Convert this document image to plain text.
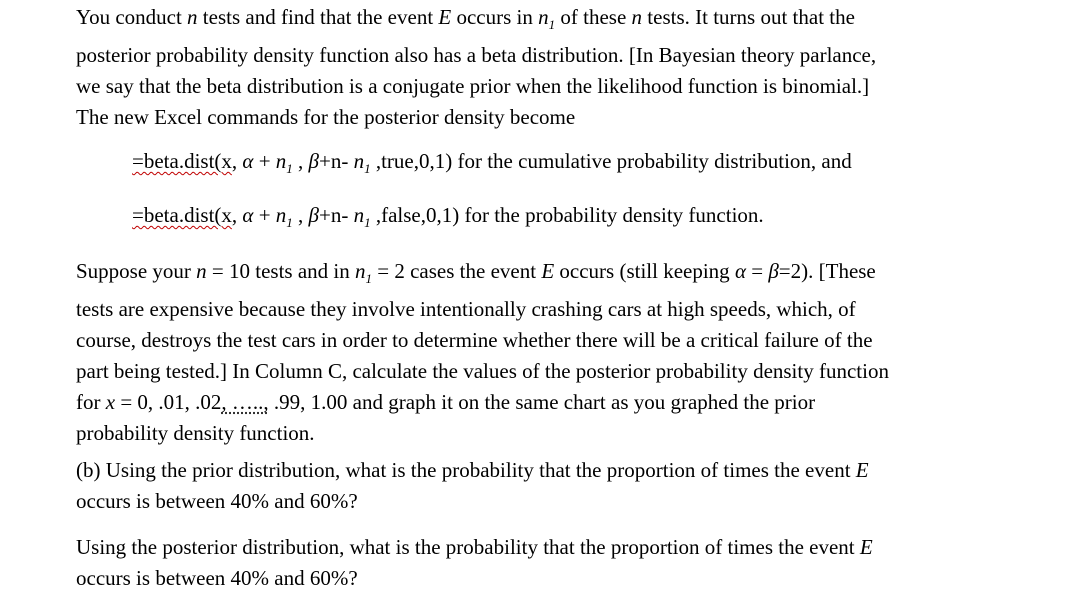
You conduct n tests and find that the event E occurs in $n_1$ of these n tests. It turns out that the
posterior probability density function also has a beta distribution. [In Bayesian theory parlance,
we say that the beta distribution is a conjugate prior when the likelihood function is binomial.]
The new Excel commands for the posterior density become

=beta.dist(x, $\alpha + n_1$ , β+n- $n_1$ ,true,0,1) for the cumulative probability distribution, and
=beta.dist(x, $\alpha + n_1$ , β+n- $n_1$ ,false,0,1) for the probability density function.

Suppose your n = 10 tests and in $n_1 = 2$ cases the event E occurs (still keeping α = β=2). [These
tests are expensive because they involve intentionally crashing cars at high speeds, which, of
course, destroys the test cars in order to determine whether there will be a critical failure of the
part being tested.] In Column C, calculate the values of the posterior probability density function
for x = 0, .01, .02, ….., .99, 1.00 and graph it on the same chart as you graphed the prior
probability density function.

(b) Using the prior distribution, what is the probability that the proportion of times the event E
occurs is between 40% and 60%?

Using the posterior distribution, what is the probability that the proportion of times the event E
occurs is between 40% and 60%?
